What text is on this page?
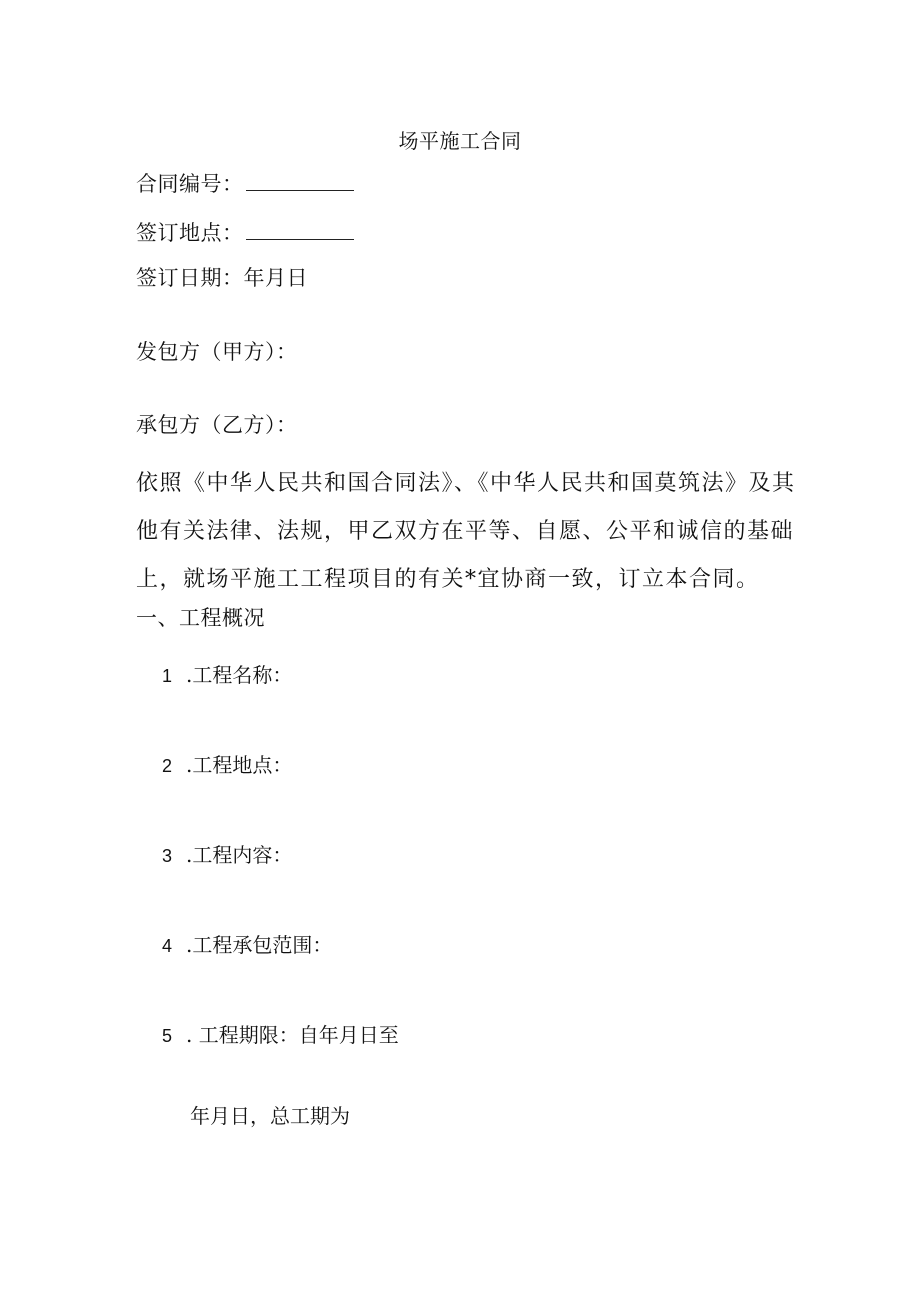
场平施工合同
合同编号：
签订地点：
签订日期：年月日
发包方（甲方）：
承包方（乙方）：
依照《中华人民共和国合同法》、《中华人民共和国莫筑法》及其他有关法律、法规，甲乙双方在平等、自愿、公平和诚信的基础上，就场平施工工程项目的有关*宜协商一致，订立本合同。
一、工程概况
1 .工程名称：
2 .工程地点：
3 .工程内容：
4 .工程承包范围：
5 . 工程期限：自年月日至
年月日，总工期为
